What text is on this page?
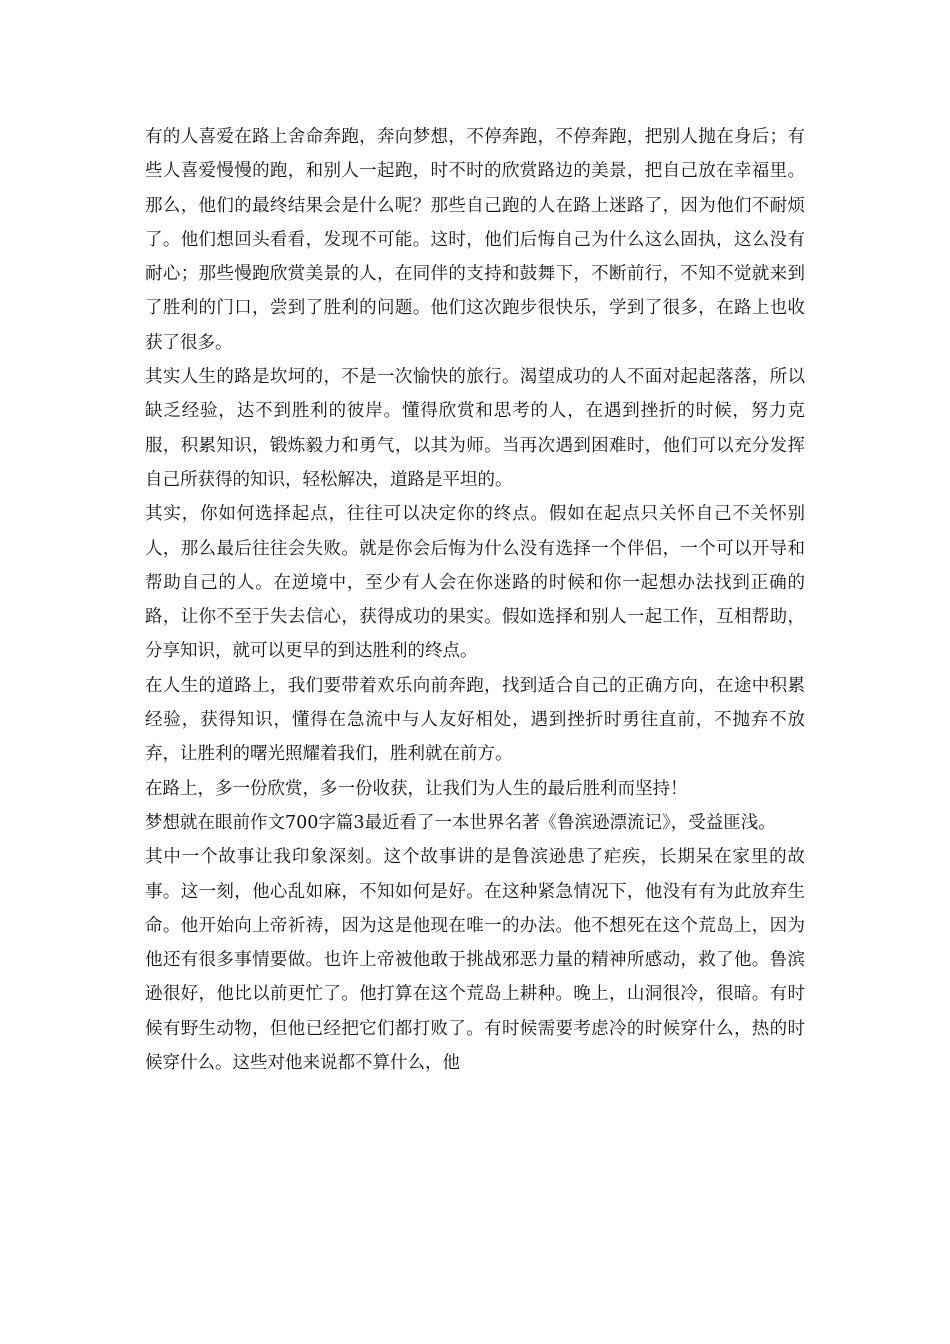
有的人喜爱在路上舍命奔跑，奔向梦想，不停奔跑，不停奔跑，把别人抛在身后；有些人喜爱慢慢的跑，和别人一起跑，时不时的欣赏路边的美景，把自己放在幸福里。那么，他们的最终结果会是什么呢？那些自己跑的人在路上迷路了，因为他们不耐烦了。他们想回头看看，发现不可能。这时，他们后悔自己为什么这么固执，这么没有耐心；那些慢跑欣赏美景的人，在同伴的支持和鼓舞下，不断前行，不知不觉就来到了胜利的门口，尝到了胜利的问题。他们这次跑步很快乐，学到了很多，在路上也收获了很多。

其实人生的路是坎坷的，不是一次愉快的旅行。渴望成功的人不面对起起落落，所以缺乏经验，达不到胜利的彼岸。懂得欣赏和思考的人，在遇到挫折的时候，努力克服，积累知识，锻炼毅力和勇气，以其为师。当再次遇到困难时，他们可以充分发挥自己所获得的知识，轻松解决，道路是平坦的。

其实，你如何选择起点，往往可以决定你的终点。假如在起点只关怀自己不关怀别人，那么最后往往会失败。就是你会后悔为什么没有选择一个伴侣，一个可以开导和帮助自己的人。在逆境中，至少有人会在你迷路的时候和你一起想办法找到正确的路，让你不至于失去信心，获得成功的果实。假如选择和别人一起工作，互相帮助，分享知识，就可以更早的到达胜利的终点。

在人生的道路上，我们要带着欢乐向前奔跑，找到适合自己的正确方向，在途中积累经验，获得知识，懂得在急流中与人友好相处，遇到挫折时勇往直前，不抛弃不放弃，让胜利的曙光照耀着我们，胜利就在前方。

在路上，多一份欣赏，多一份收获，让我们为人生的最后胜利而坚持！

梦想就在眼前作文700字篇3最近看了一本世界名著《鲁滨逊漂流记》，受益匪浅。

其中一个故事让我印象深刻。这个故事讲的是鲁滨逊患了疟疾，长期呆在家里的故事。这一刻，他心乱如麻，不知如何是好。在这种紧急情况下，他没有有为此放弃生命。他开始向上帝祈祷，因为这是他现在唯一的办法。他不想死在这个荒岛上，因为他还有很多事情要做。也许上帝被他敢于挑战邪恶力量的精神所感动，救了他。鲁滨逊很好，他比以前更忙了。他打算在这个荒岛上耕种。晚上，山洞很冷，很暗。有时候有野生动物，但他已经把它们都打败了。有时候需要考虑冷的时候穿什么，热的时候穿什么。这些对他来说都不算什么，他
